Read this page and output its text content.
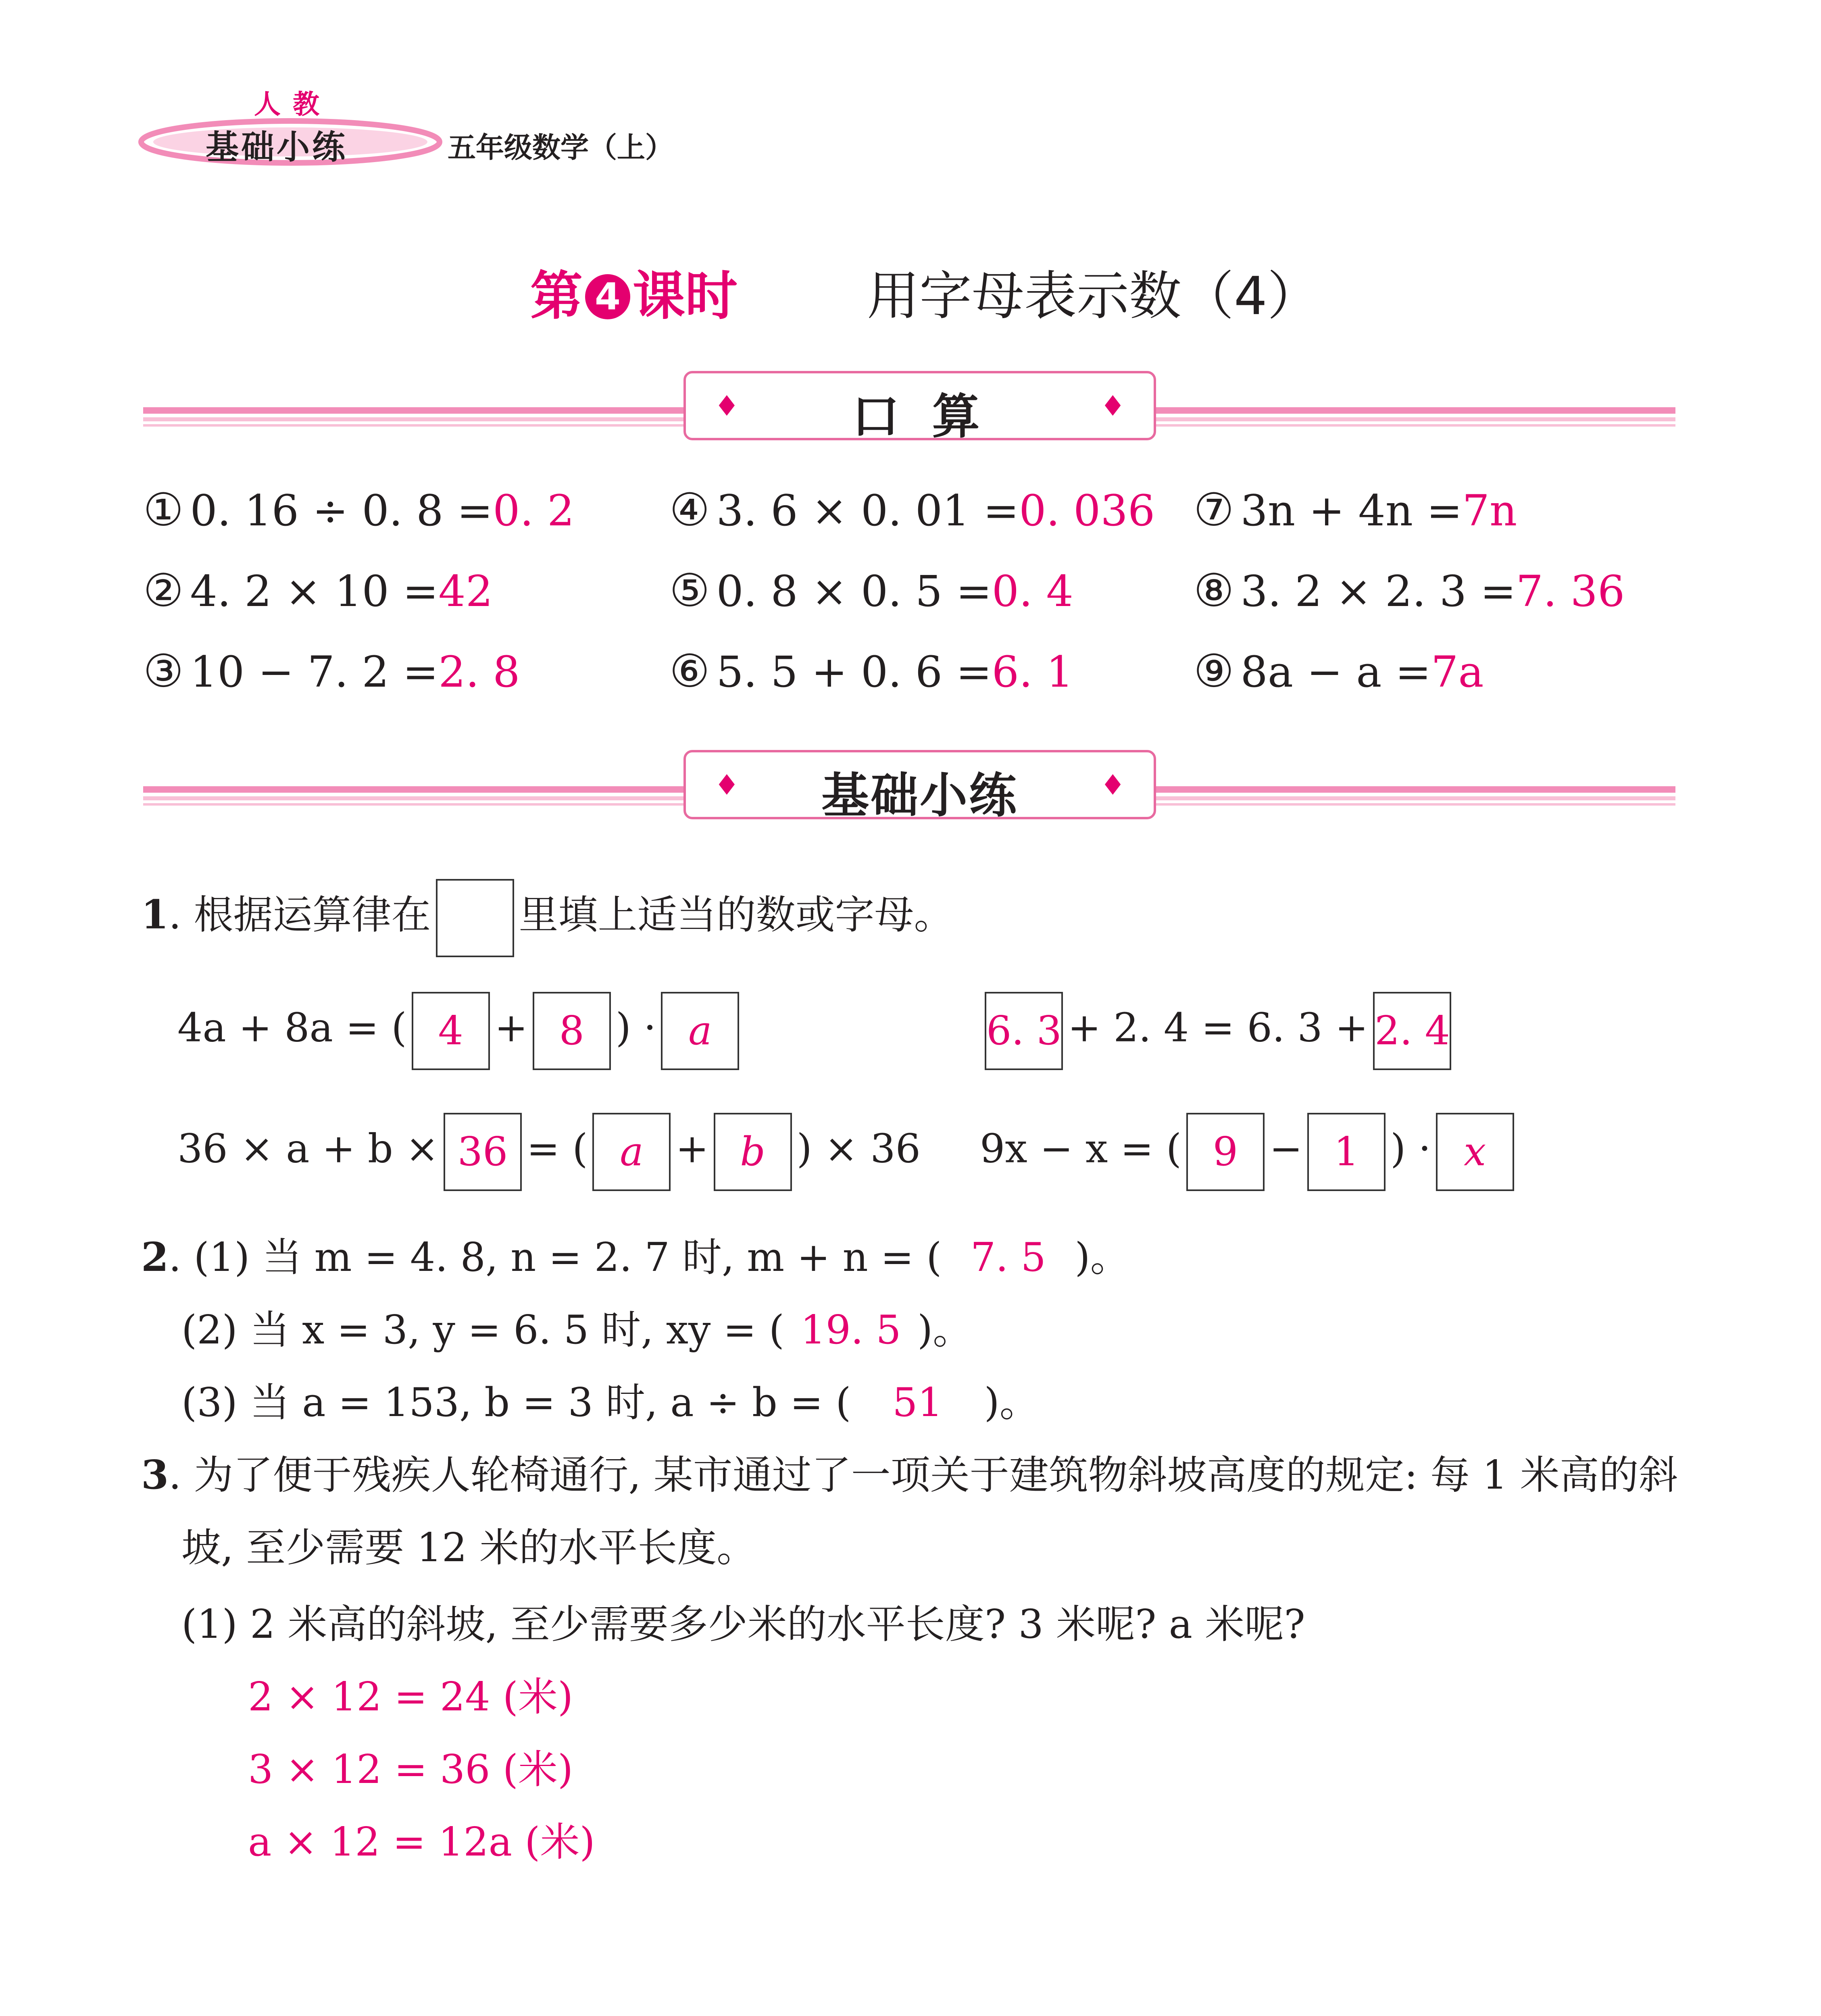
人教
基础小练	五年级数学（上）
第 4 课时 用字母表示数（4）
♦	口 算	♦
① 0. 16 ÷ 0. 8 =0. 2
② 4. 2 × 10 =42
③ 10 − 7. 2 =2. 8
④ 3. 6 × 0. 01 =0. 036
⑤ 0. 8 × 0. 5 =0. 4
⑥ 5. 5 + 0. 6 =6. 1
⑦ 3n + 4n =7n
⑧ 3. 2 × 2. 3 =7. 36
⑨ 8a − a =7a
♦	基础小练	♦
1. 根据运算律在 里填上适当的数或字母。
4a + 8a = ( 4 + 8 ) · a	6. 3 + 2. 4 = 6. 3 + 2. 4
36 × a + b × 36 = ( a + b ) × 36 9x − x = ( 9 − 1 ) · x
2. (1) 当 m = 4. 8, n = 2. 7 时, m + n = ( 7. 5 )。
(2) 当 x = 3, y = 6. 5 时, xy = ( 19. 5 )。
(3) 当 a = 153, b = 3 时, a ÷ b = ( 51 )。
3. 为了便于残疾人轮椅通行, 某市通过了一项关于建筑物斜坡高度的规定: 每 1 米高的斜
坡, 至少需要 12 米的水平长度。
(1) 2 米高的斜坡, 至少需要多少米的水平长度? 3 米呢? a 米呢?
2 × 12 = 24 (米)
3 × 12 = 36 (米)
a × 12 = 12a (米)
